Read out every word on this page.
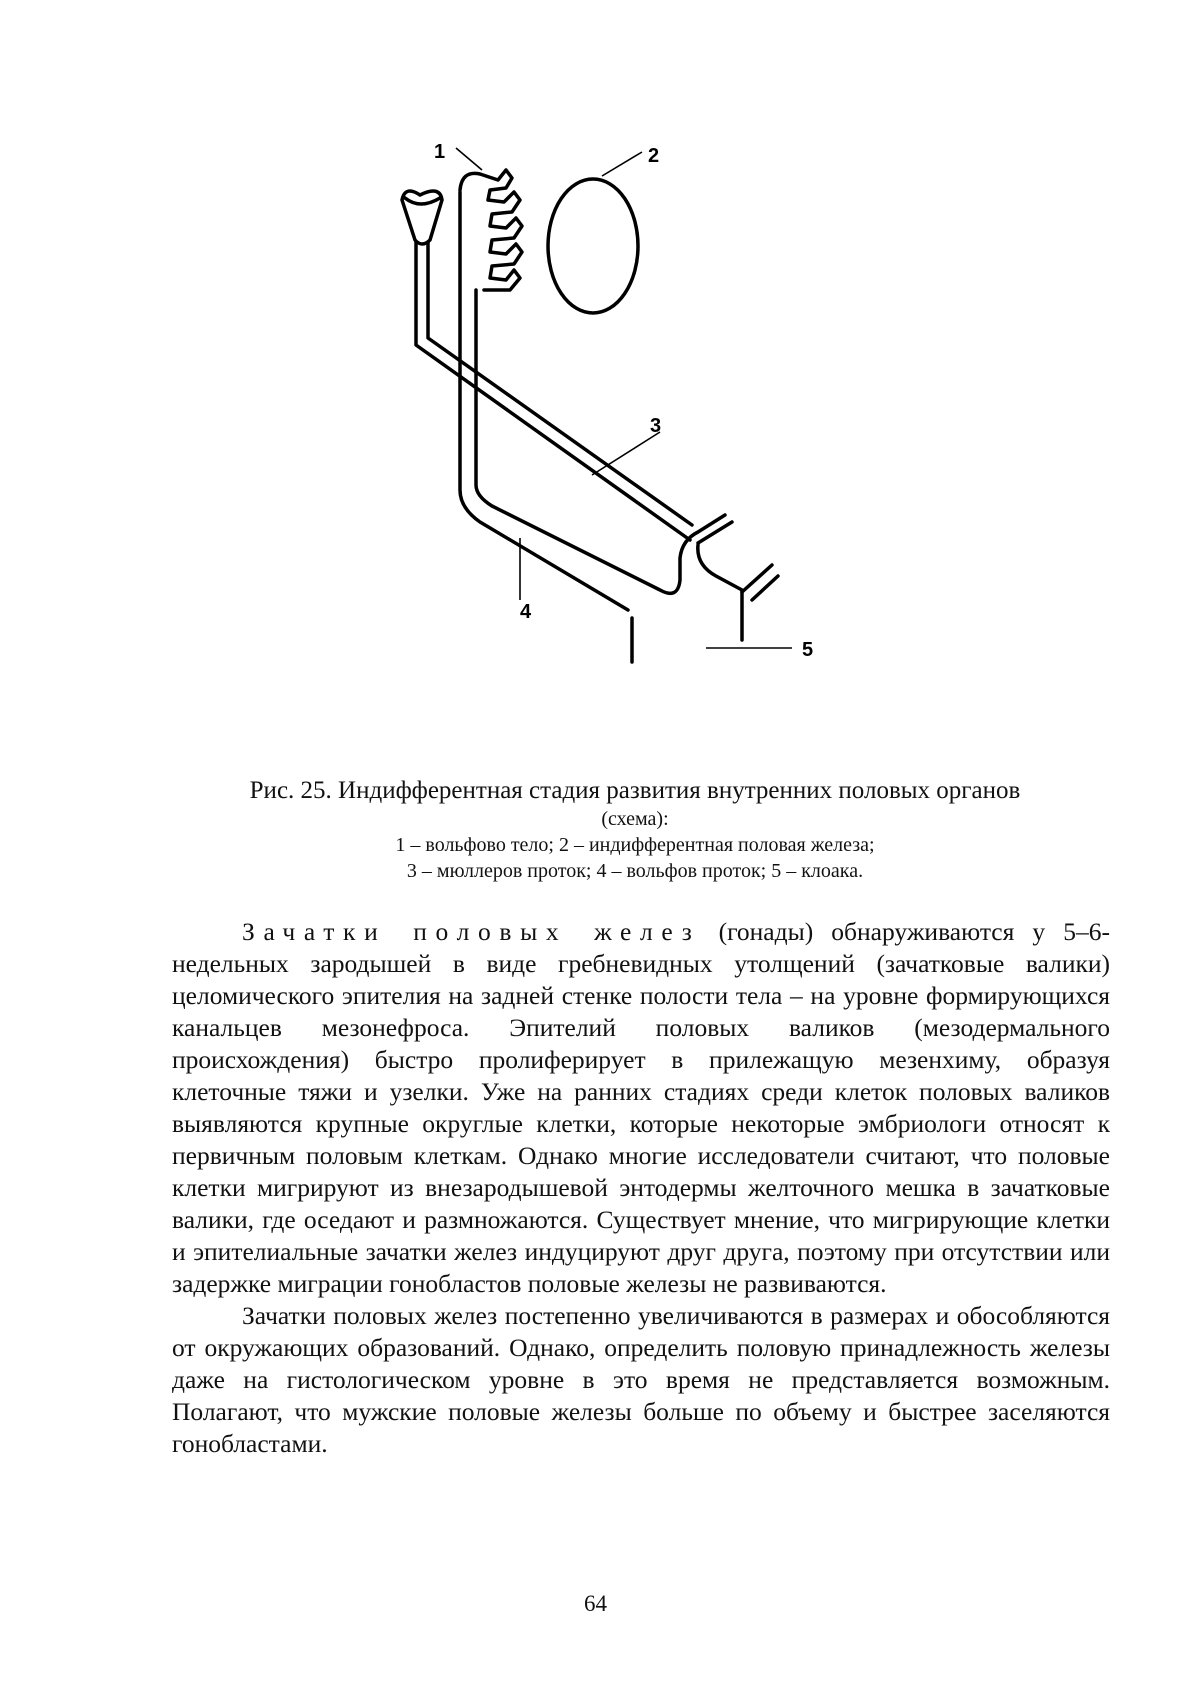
1	2
3
4
5
Рис. 25. Индифферентная стадия развития внутренних половых органов
(схема):
1 – вольфово тело; 2 – индифферентная половая железа;
3 – мюллеров проток; 4 – вольфов проток; 5 – клоака.

Зачатки половых желез (гонады) обнаруживаются у 5–6-недельных зародышей в виде гребневидных утолщений (зачатковые валики) целомического эпителия на задней стенке полости тела – на уровне формирующихся канальцев мезонефроса. Эпителий половых валиков (мезодермального происхождения) быстро пролиферирует в прилежащую мезенхиму, образуя клеточные тяжи и узелки. Уже на ранних стадиях среди клеток половых валиков выявляются крупные округлые клетки, которые некоторые эмбриологи относят к первичным половым клеткам. Однако многие исследователи считают, что половые клетки мигрируют из внезародышевой энтодермы желточного мешка в зачатковые валики, где оседают и размножаются. Существует мнение, что мигрирующие клетки и эпителиальные зачатки желез индуцируют друг друга, поэтому при отсутствии или задержке миграции гонобластов половые железы не развиваются.

Зачатки половых желез постепенно увеличиваются в размерах и обособляются от окружающих образований. Однако, определить половую принадлежность железы даже на гистологическом уровне в это время не представляется возможным. Полагают, что мужские половые железы больше по объему и быстрее заселяются гонобластами.

64
